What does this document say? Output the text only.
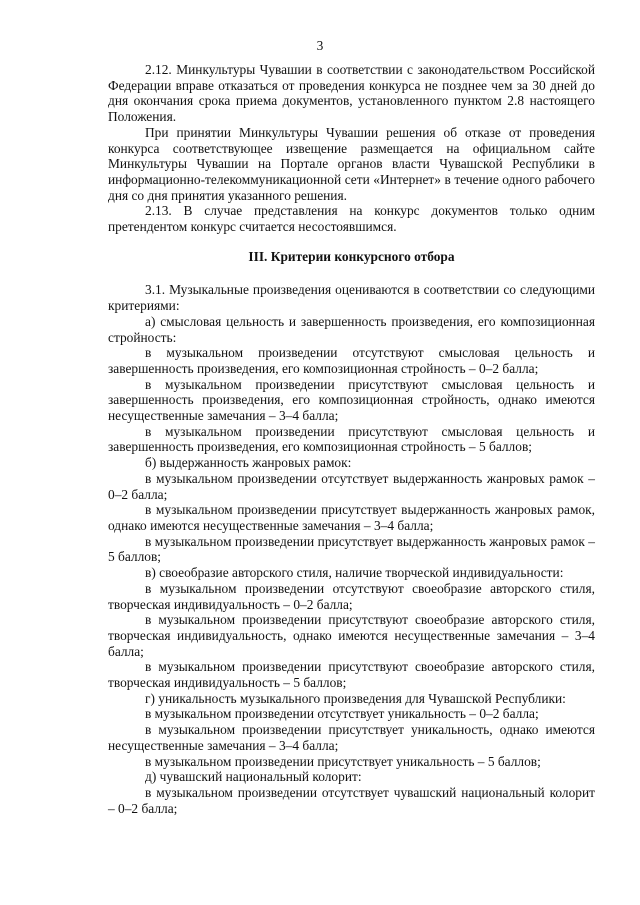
3

2.12. Минкультуры Чувашии в соответствии с законодательством Российской Федерации вправе отказаться от проведения конкурса не позднее чем за 30 дней до дня окончания срока приема документов, установленного пунктом 2.8 настоящего Положения.

При принятии Минкультуры Чувашии решения об отказе от проведения конкурса соответствующее извещение размещается на официальном сайте Минкультуры Чувашии на Портале органов власти Чувашской Республики в информационно-телекоммуникационной сети «Интернет» в течение одного рабочего дня со дня принятия указанного решения.

2.13. В случае представления на конкурс документов только одним претендентом конкурс считается несостоявшимся.

III. Критерии конкурсного отбора

3.1. Музыкальные произведения оцениваются в соответствии со следующими критериями:

а) смысловая цельность и завершенность произведения, его композиционная стройность:

в музыкальном произведении отсутствуют смысловая цельность и завершенность произведения, его композиционная стройность – 0–2 балла;

в музыкальном произведении присутствуют смысловая цельность и завершенность произведения, его композиционная стройность, однако имеются несущественные замечания – 3–4 балла;

в музыкальном произведении присутствуют смысловая цельность и завершенность произведения, его композиционная стройность – 5 баллов;

б) выдержанность жанровых рамок:

в музыкальном произведении отсутствует выдержанность жанровых рамок – 0–2 балла;

в музыкальном произведении присутствует выдержанность жанровых рамок, однако имеются несущественные замечания – 3–4 балла;

в музыкальном произведении присутствует выдержанность жанровых рамок – 5 баллов;

в) своеобразие авторского стиля, наличие творческой индивидуальности:

в музыкальном произведении отсутствуют своеобразие авторского стиля, творческая индивидуальность – 0–2 балла;

в музыкальном произведении присутствуют своеобразие авторского стиля, творческая индивидуальность, однако имеются несущественные замечания – 3–4 балла;

в музыкальном произведении присутствуют своеобразие авторского стиля, творческая индивидуальность – 5 баллов;

г) уникальность музыкального произведения для Чувашской Республики:

в музыкальном произведении отсутствует уникальность – 0–2 балла;

в музыкальном произведении присутствует уникальность, однако имеются несущественные замечания – 3–4 балла;

в музыкальном произведении присутствует уникальность – 5 баллов;

д) чувашский национальный колорит:

в музыкальном произведении отсутствует чувашский национальный колорит – 0–2 балла;
